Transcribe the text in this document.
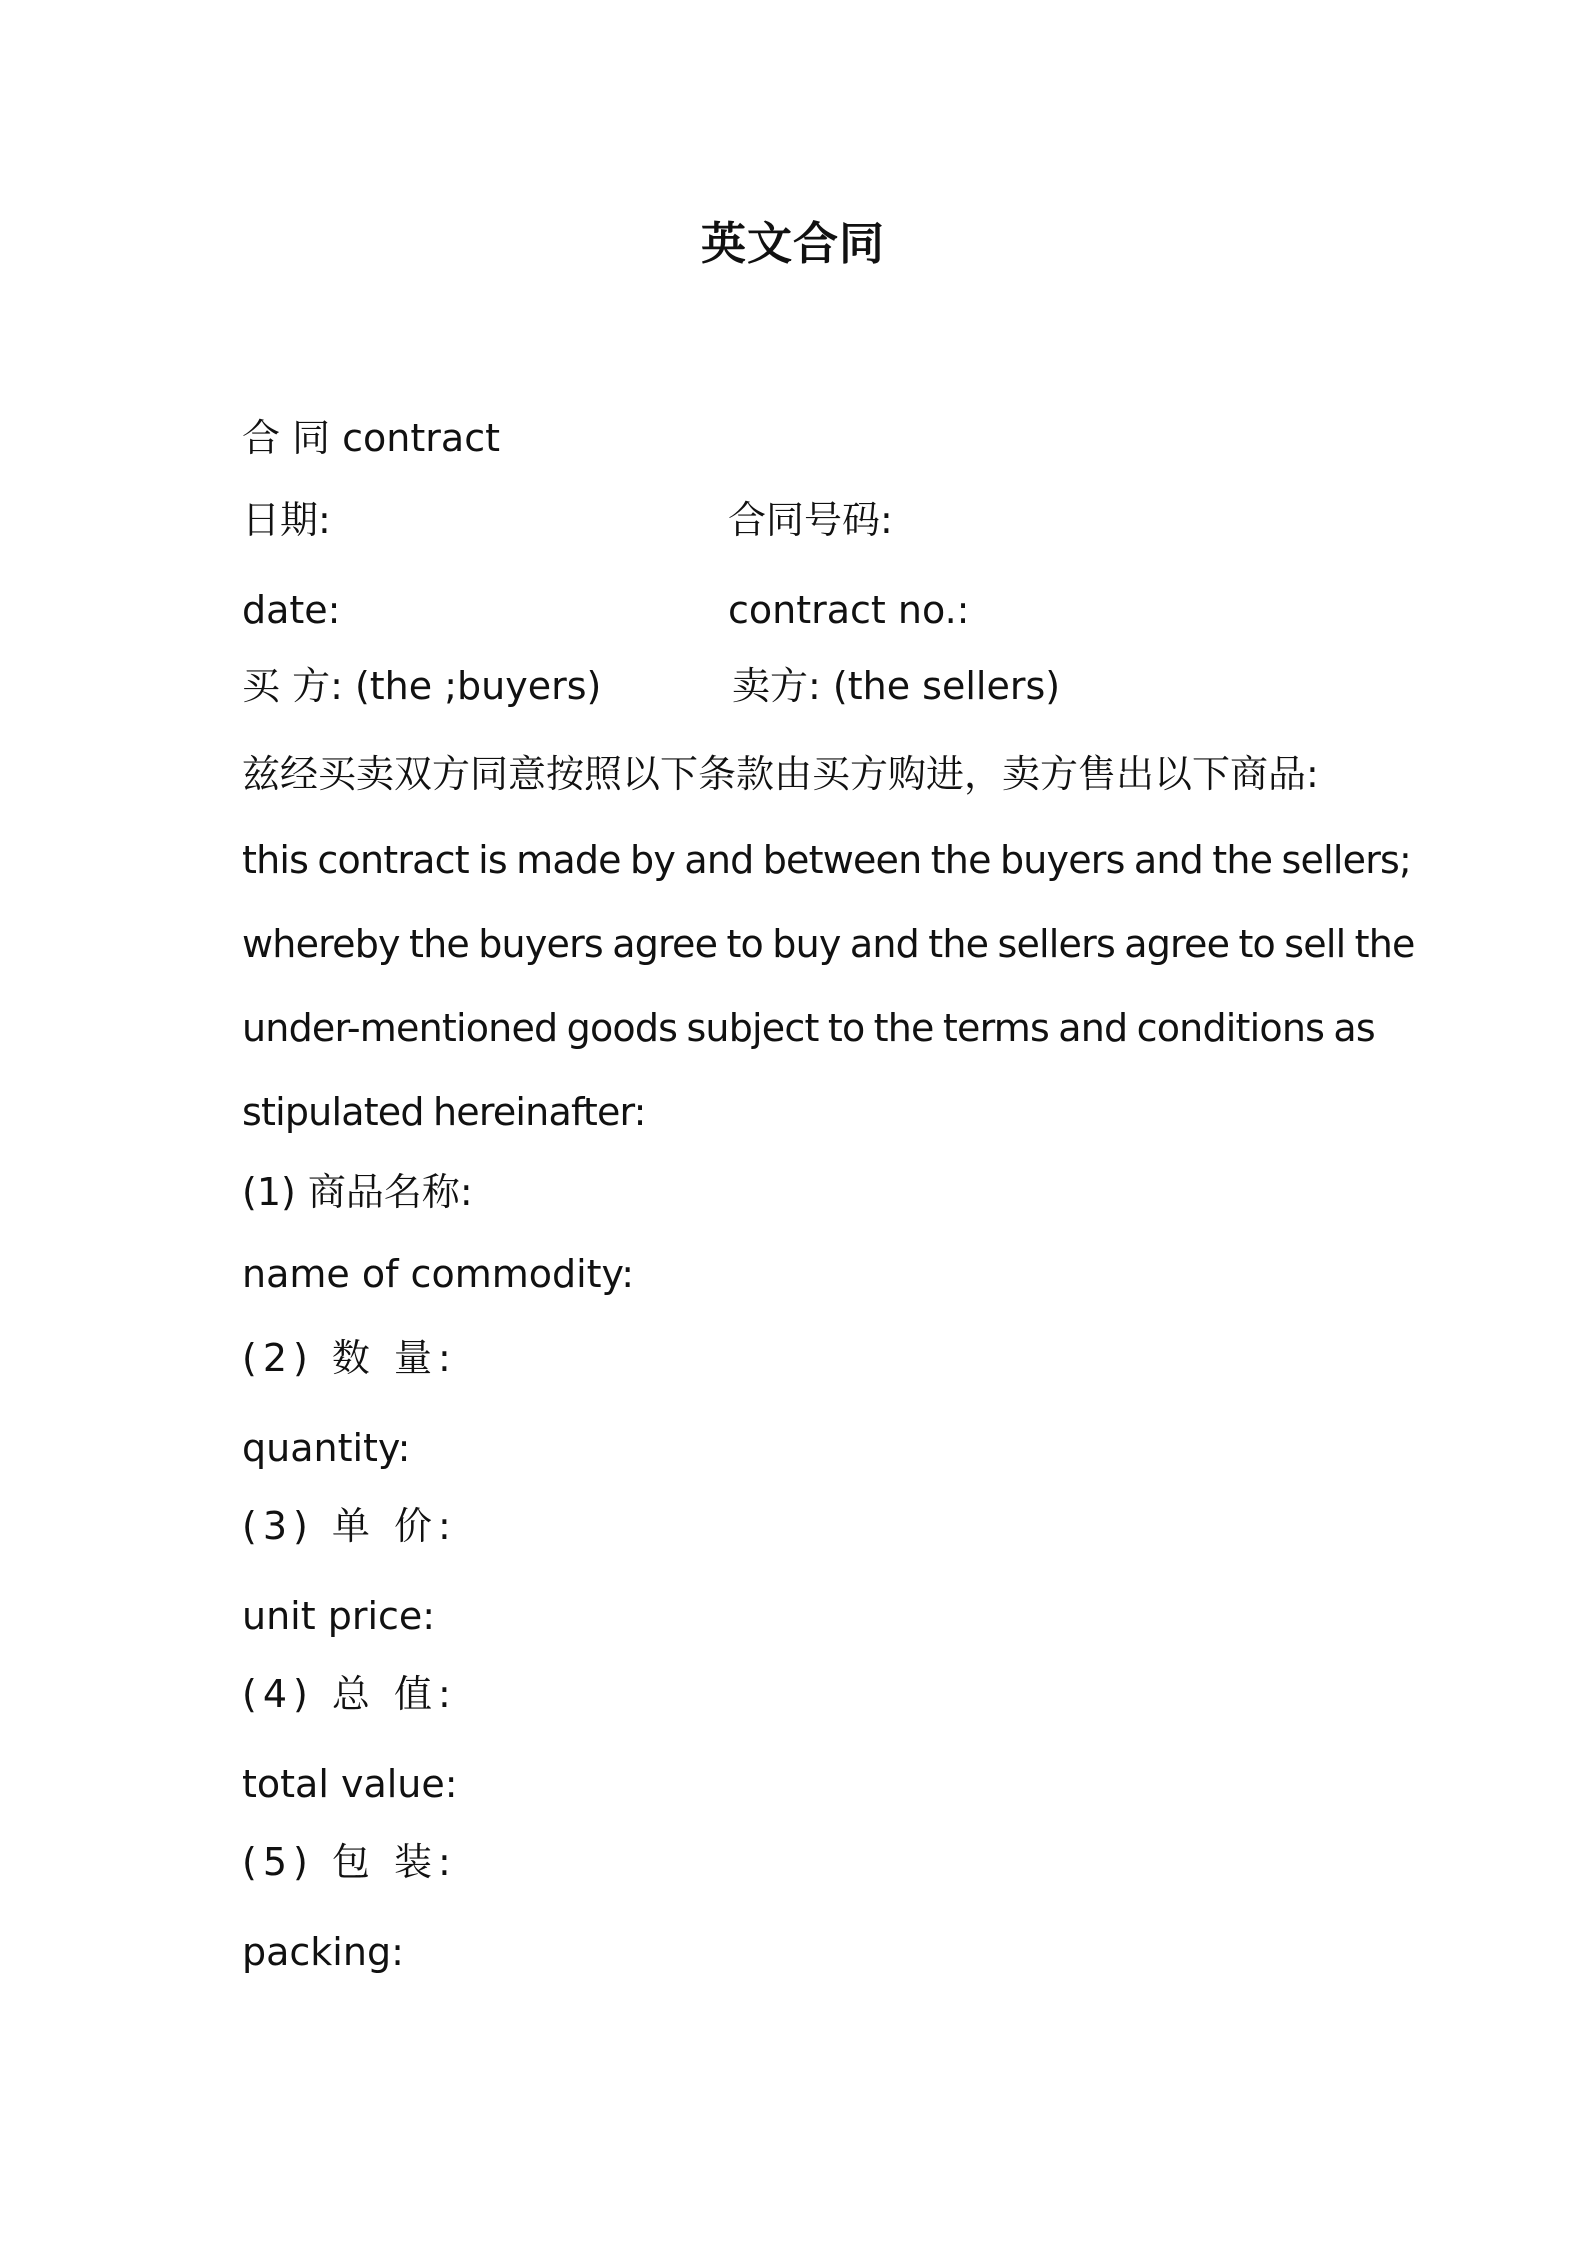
英文合同
合 同 contract
日期:	合同号码:
date:	contract no.:
买 方: (the ;buyers)	卖方: (the sellers)
兹经买卖双方同意按照以下条款由买方购进，卖方售出以下商品:
this contract is made by and between the buyers and the sellers;
whereby the buyers agree to buy and the sellers agree to sell the
under-mentioned goods subject to the terms and conditions as
stipulated hereinafter:
(1) 商品名称:
name of commodity:
(2) 数 量:
quantity:
(3) 单 价:
unit price:
(4) 总 值:
total value:
(5) 包 装:
packing:
